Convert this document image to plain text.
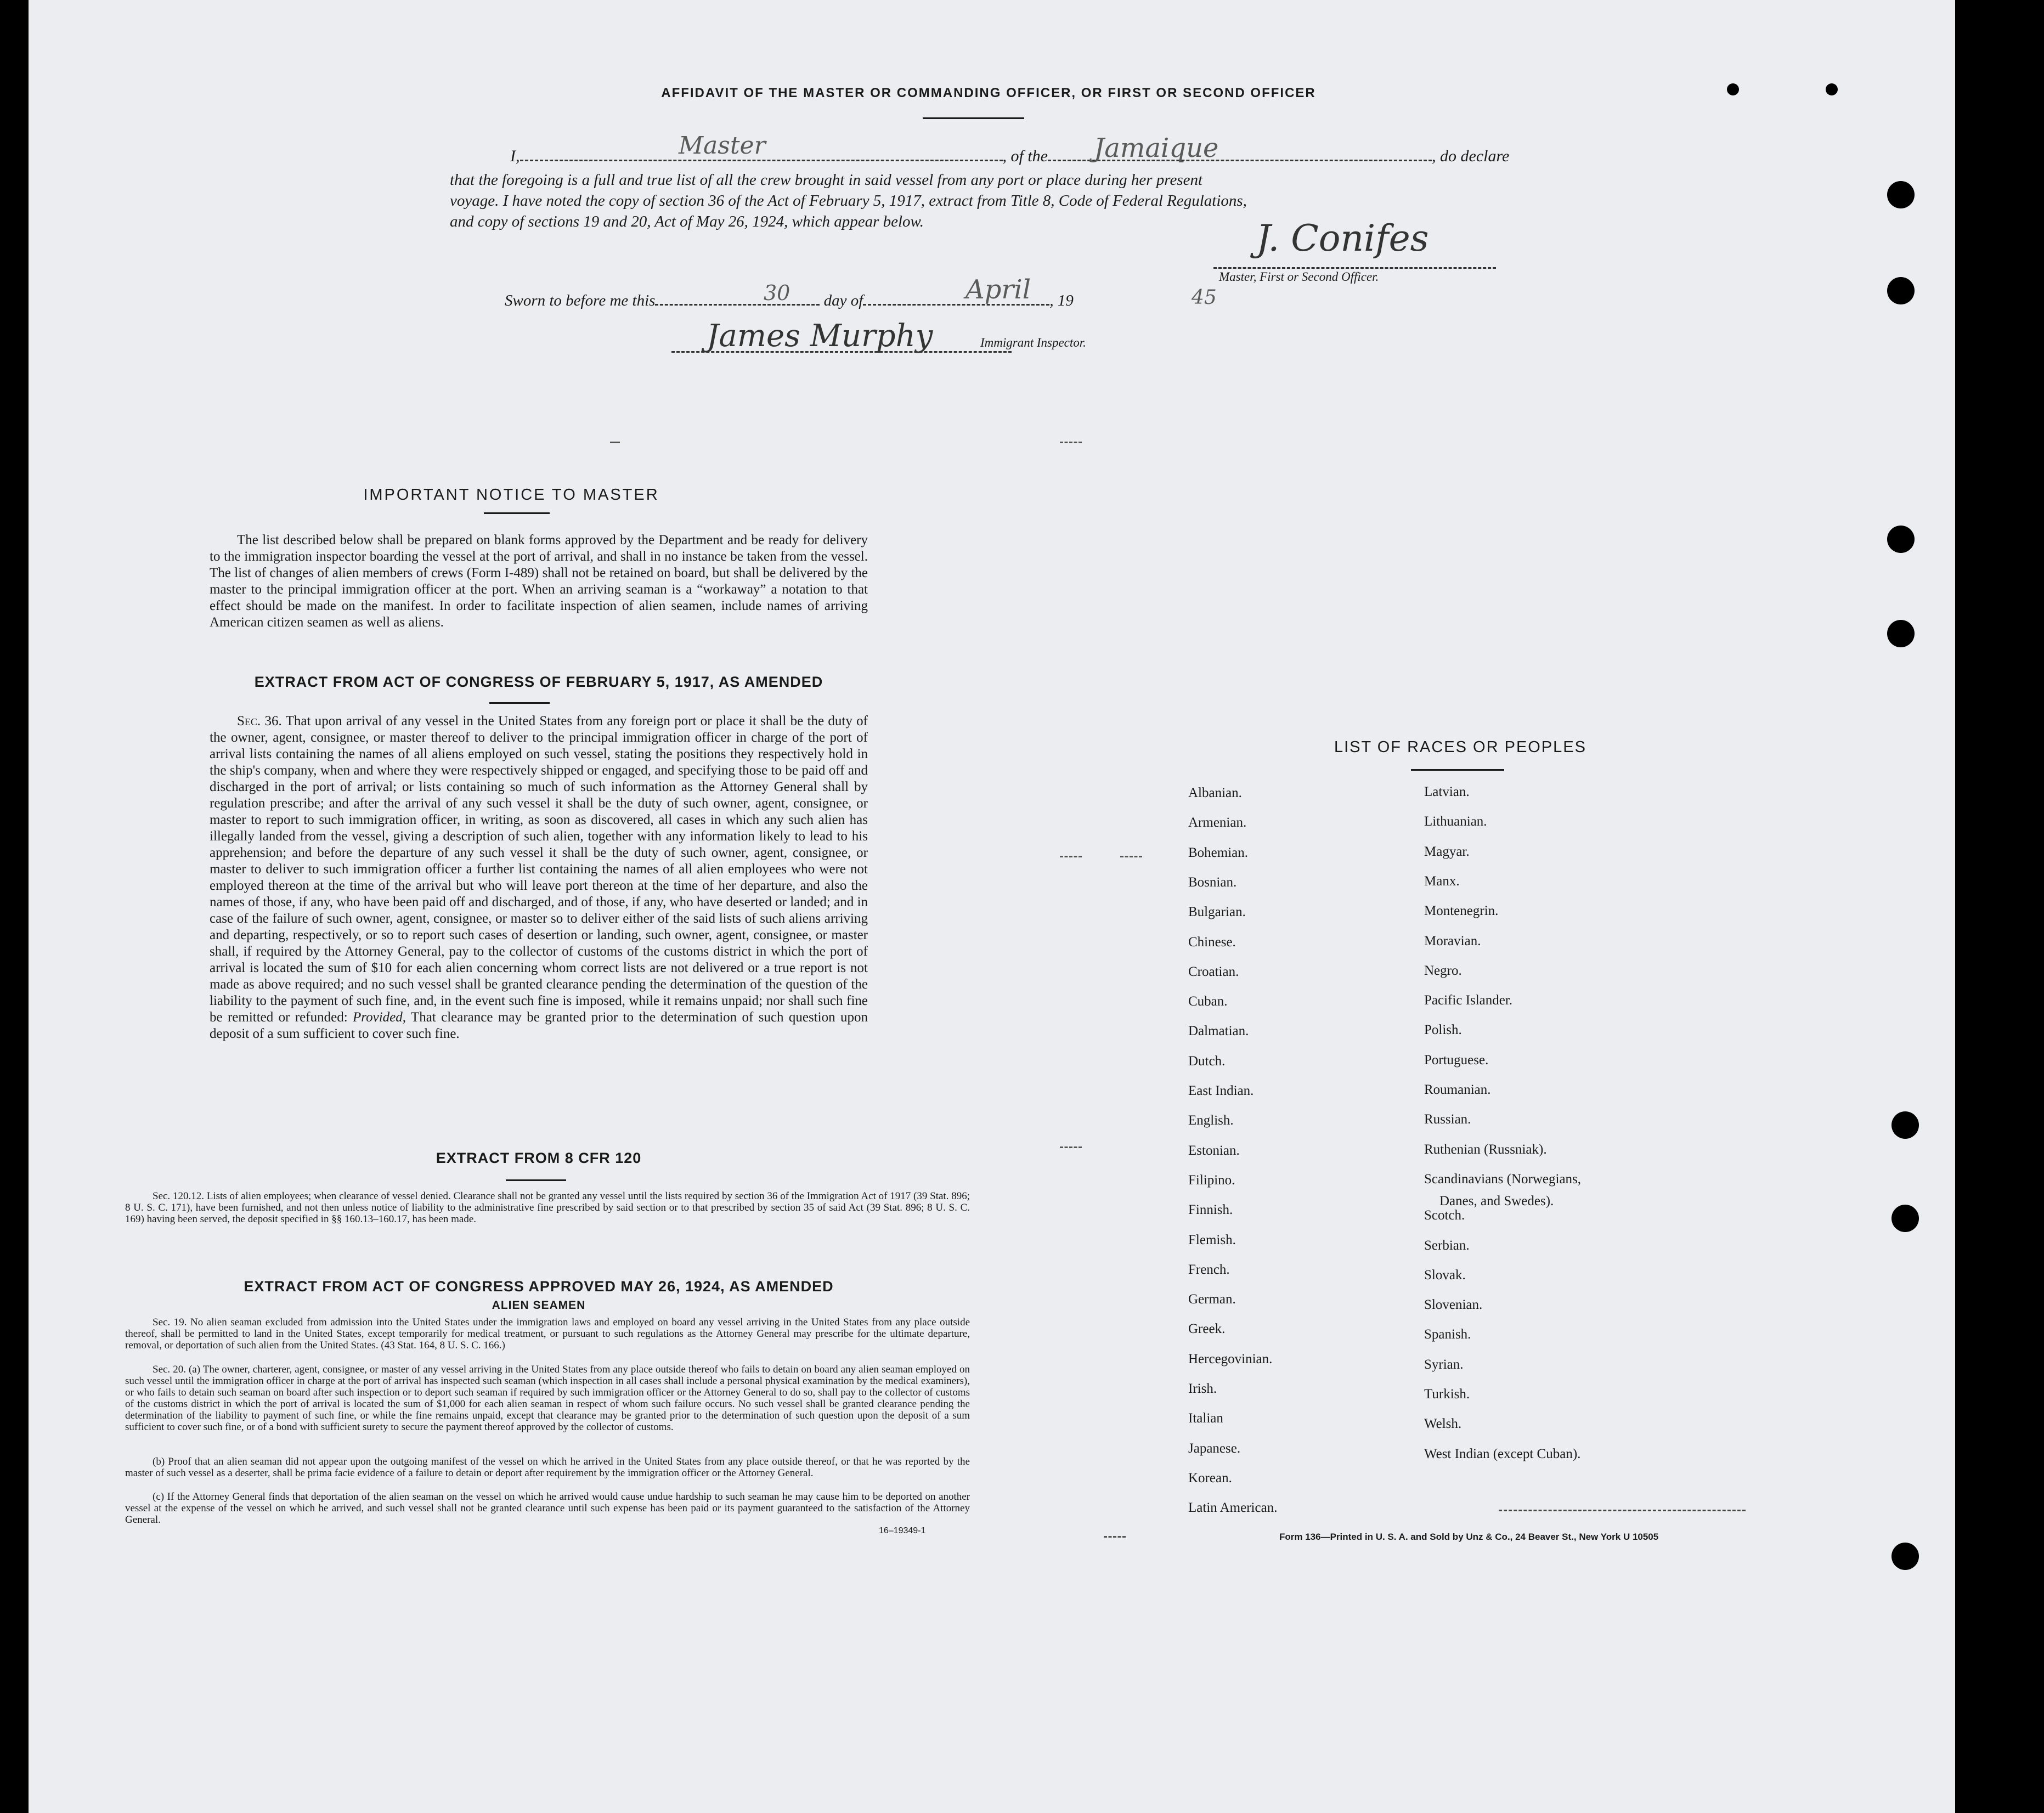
AFFIDAVIT OF THE MASTER OR COMMANDING OFFICER, OR FIRST OR SECOND OFFICER
I,	, of the	, do declare
Master	Jamaique
that the foregoing is a full and true list of all the crew brought in said vessel from any port or place during her present
voyage. I have noted the copy of section 36 of the Act of February 5, 1917, extract from Title 8, Code of Federal Regulations,
and copy of sections 19 and 20, Act of May 26, 1924, which appear below.	J. Conifes
Master, First or Second Officer.
Sworn to before me this	day of	, 19
30	April	45
James Murphy	Immigrant Inspector.
IMPORTANT NOTICE TO MASTER
The list described below shall be prepared on blank forms approved by the Department and be ready for delivery to the immigration inspector boarding the vessel at the port of arrival, and shall in no instance be taken from the vessel. The list of changes of alien members of crews (Form I-489) shall not be retained on board, but shall be delivered by the master to the principal immigration officer at the port. When an arriving seaman is a “workaway” a notation to that effect should be made on the manifest. In order to facilitate inspection of alien seamen, include names of arriving American citizen seamen as well as aliens.
EXTRACT FROM ACT OF CONGRESS OF FEBRUARY 5, 1917, AS AMENDED
Sec. 36. That upon arrival of any vessel in the United States from any foreign port or place it shall be the duty of the owner, agent, consignee, or master thereof to deliver to the principal immigration officer in charge of the port of arrival lists containing the names of all aliens employed on such vessel, stating the positions they respectively hold in the ship's company, when and where they were respectively shipped or engaged, and specifying those to be paid off and discharged in the port of arrival; or lists containing so much of such information as the Attorney General shall by regulation prescribe; and after the arrival of any such vessel it shall be the duty of such owner, agent, consignee, or master to report to such immigration officer, in writing, as soon as discovered, all cases in which any such alien has illegally landed from the vessel, giving a description of such alien, together with any information likely to lead to his apprehension; and before the departure of any such vessel it shall be the duty of such owner, agent, consignee, or master to deliver to such immigration officer a further list containing the names of all alien employees who were not employed thereon at the time of the arrival but who will leave port thereon at the time of her departure, and also the names of those, if any, who have been paid off and discharged, and of those, if any, who have deserted or landed; and in case of the failure of such owner, agent, consignee, or master so to deliver either of the said lists of such aliens arriving and departing, respectively, or so to report such cases of desertion or landing, such owner, agent, consignee, or master shall, if required by the Attorney General, pay to the collector of customs of the customs district in which the port of arrival is located the sum of $10 for each alien concerning whom correct lists are not delivered or a true report is not made as above required; and no such vessel shall be granted clearance pending the determination of the question of the liability to the payment of such fine, and, in the event such fine is imposed, while it remains unpaid; nor shall such fine be remitted or refunded: Provided, That clearance may be granted prior to the determination of such question upon deposit of a sum sufficient to cover such fine.
EXTRACT FROM 8 CFR 120
Sec. 120.12. Lists of alien employees; when clearance of vessel denied. Clearance shall not be granted any vessel until the lists required by section 36 of the Immigration Act of 1917 (39 Stat. 896; 8 U. S. C. 171), have been furnished, and not then unless notice of liability to the administrative fine prescribed by said section or to that prescribed by section 35 of said Act (39 Stat. 896; 8 U. S. C. 169) having been served, the deposit specified in §§ 160.13–160.17, has been made.
EXTRACT FROM ACT OF CONGRESS APPROVED MAY 26, 1924, AS AMENDED
ALIEN SEAMEN
Sec. 19. No alien seaman excluded from admission into the United States under the immigration laws and employed on board any vessel arriving in the United States from any place outside thereof, shall be permitted to land in the United States, except temporarily for medical treatment, or pursuant to such regulations as the Attorney General may prescribe for the ultimate departure, removal, or deportation of such alien from the United States. (43 Stat. 164, 8 U. S. C. 166.)
Sec. 20. (a) The owner, charterer, agent, consignee, or master of any vessel arriving in the United States from any place outside thereof who fails to detain on board any alien seaman employed on such vessel until the immigration officer in charge at the port of arrival has inspected such seaman (which inspection in all cases shall include a personal physical examination by the medical examiners), or who fails to detain such seaman on board after such inspection or to deport such seaman if required by such immigration officer or the Attorney General to do so, shall pay to the collector of customs of the customs district in which the port of arrival is located the sum of $1,000 for each alien seaman in respect of whom such failure occurs. No such vessel shall be granted clearance pending the determination of the liability to payment of such fine, or while the fine remains unpaid, except that clearance may be granted prior to the determination of such question upon the deposit of a sum sufficient to cover such fine, or of a bond with sufficient surety to secure the payment thereof approved by the collector of customs.
(b) Proof that an alien seaman did not appear upon the outgoing manifest of the vessel on which he arrived in the United States from any place outside thereof, or that he was reported by the master of such vessel as a deserter, shall be prima facie evidence of a failure to detain or deport after requirement by the immigration officer or the Attorney General.
(c) If the Attorney General finds that deportation of the alien seaman on the vessel on which he arrived would cause undue hardship to such seaman he may cause him to be deported on another vessel at the expense of the vessel on which he arrived, and such vessel shall not be granted clearance until such expense has been paid or its payment guaranteed to the satisfaction of the Attorney General.
16–19349-1
LIST OF RACES OR PEOPLES
Albanian.
Armenian.
Bohemian.
Bosnian.
Bulgarian.
Chinese.
Croatian.
Cuban.
Dalmatian.
Dutch.
East Indian.
English.
Estonian.
Filipino.
Finnish.
Flemish.
French.
German.
Greek.
Hercegovinian.
Irish.
Italian
Japanese.
Korean.
Latin American.
Latvian.
Lithuanian.
Magyar.
Manx.
Montenegrin.
Moravian.
Negro.
Pacific Islander.
Polish.
Portuguese.
Roumanian.
Russian.
Ruthenian (Russniak).
Scandinavians (Norwegians,
Scotch.
Serbian.
Slovak.
Slovenian.
Spanish.
Syrian.
Turkish.
Welsh.
West Indian (except Cuban).
Danes, and Swedes).
Form 136—Printed in U. S. A. and Sold by Unz & Co., 24 Beaver St., New York U 10505
